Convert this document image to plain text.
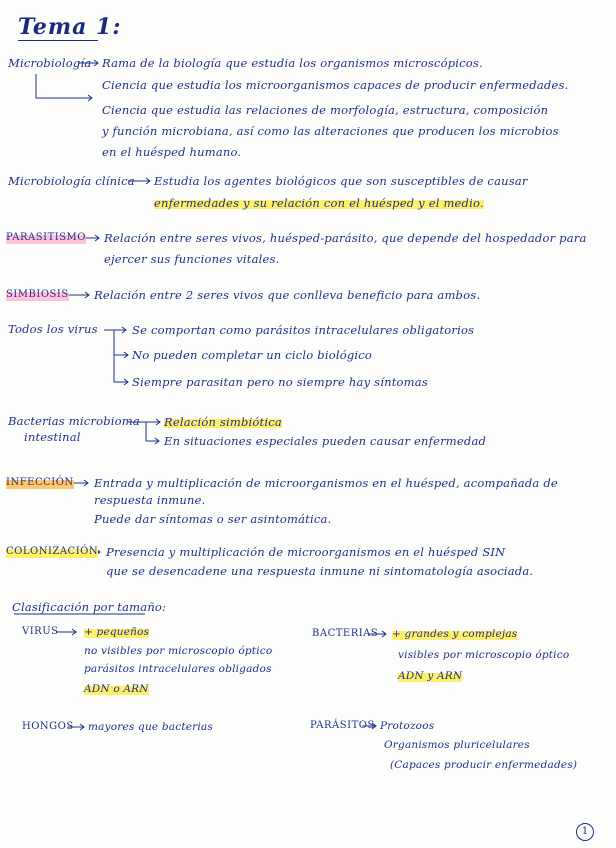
Tema 1:
Microbiología Rama de la biología que estudia los organismos microscópicos.
Ciencia que estudia los microorganismos capaces de producir enfermedades.
Ciencia que estudia las relaciones de morfología, estructura, composición
y función microbiana, así como las alteraciones que producen los microbios
en el huésped humano.
Microbiología clínica Estudia los agentes biológicos que son susceptibles de causar
enfermedades y su relación con el huésped y el medio.
PARASITISMO Relación entre seres vivos, huésped-parásito, que depende del hospedador para
ejercer sus funciones vitales.
SIMBIOSIS Relación entre 2 seres vivos que conlleva beneficio para ambos.
Todos los virus	Se comportan como parásitos intracelulares obligatorios
No pueden completar un ciclo biológico
Siempre parasitan pero no siempre hay síntomas
Bacterias microbioma
intestinal
Relación simbiótica
En situaciones especiales pueden causar enfermedad
INFECCIÓN Entrada y multiplicación de microorganismos en el huésped, acompañada de
respuesta inmune.
Puede dar síntomas o ser asintomática.
COLONIZACIÓN Presencia y multiplicación de microorganismos en el huésped SIN
que se desencadene una respuesta inmune ni sintomatología asociada.
Clasificación por tamaño:
VIRUS + pequeños
no visibles por microscopio óptico
parásitos intracelulares obligados
ADN o ARN
BACTERIAS + grandes y complejas
visibles por microscopio óptico
ADN y ARN
HONGOS mayores que bacterias	PARÁSITOS Protozoos
Organismos pluricelulares
(Capaces producir enfermedades)
1
